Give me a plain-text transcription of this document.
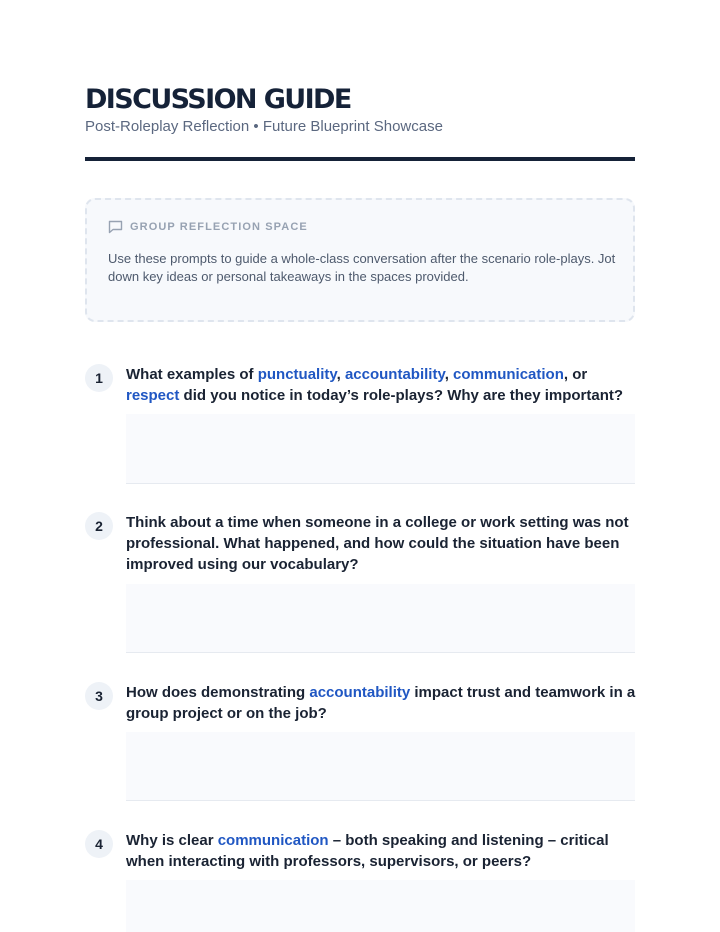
DISCUSSION GUIDE
Post-Roleplay Reflection • Future Blueprint Showcase
GROUP REFLECTION SPACE
Use these prompts to guide a whole-class conversation after the scenario role-plays. Jot down key ideas or personal takeaways in the spaces provided.
1	What examples of punctuality, accountability, communication, or respect did you notice in today’s role-plays? Why are they important?
2	Think about a time when someone in a college or work setting was not professional. What happened, and how could the situation have been improved using our vocabulary?
3	How does demonstrating accountability impact trust and teamwork in a group project or on the job?
4	Why is clear communication – both speaking and listening – critical when interacting with professors, supervisors, or peers?
